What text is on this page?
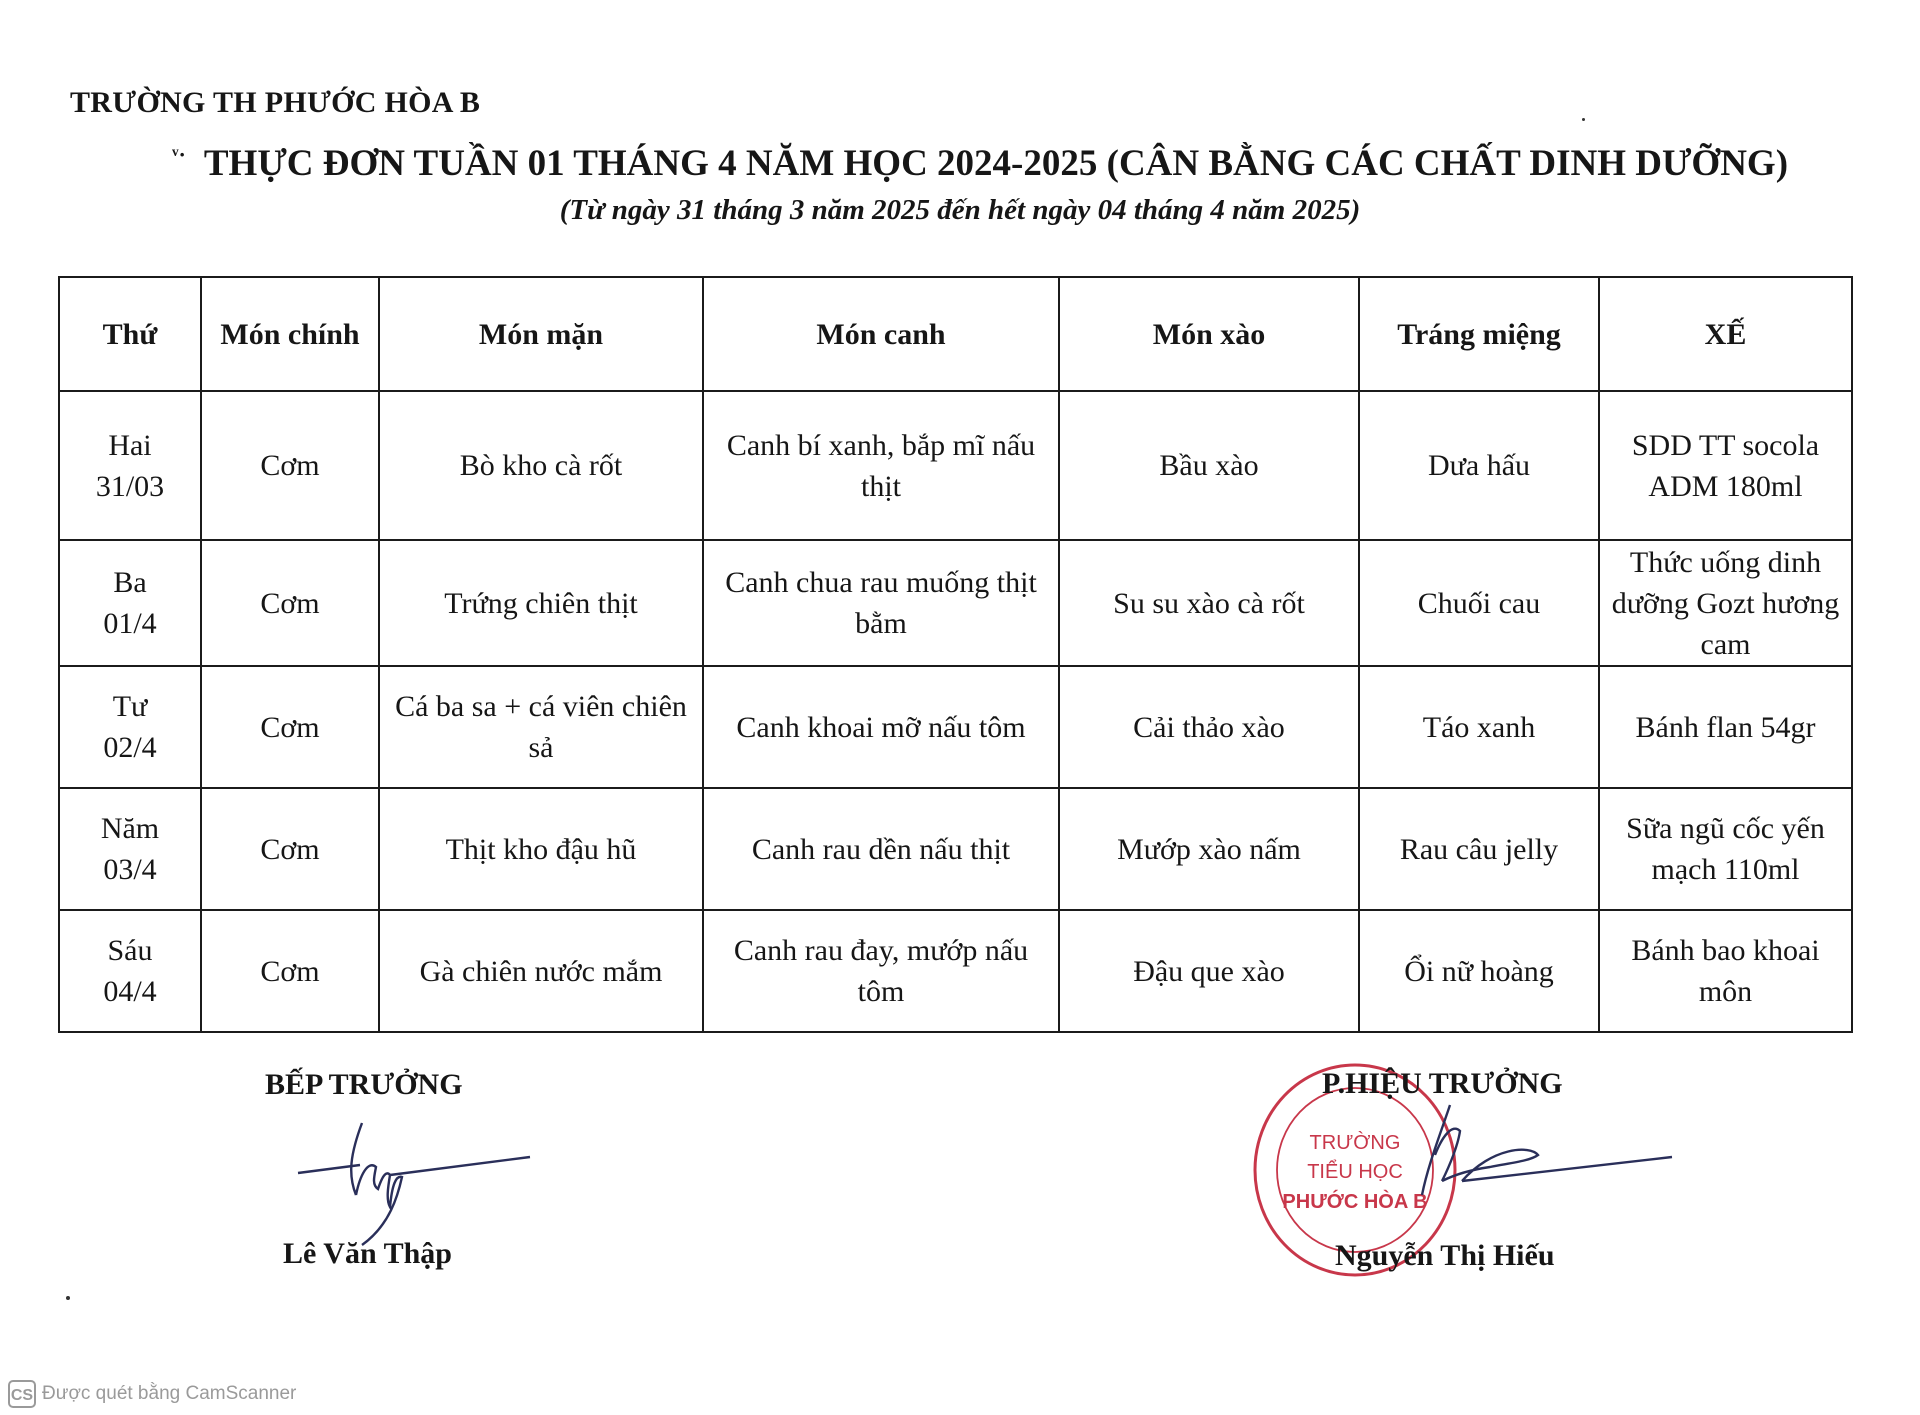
TRƯỜNG TH PHƯỚC HÒA B
$^{ᵛ\cdot}$ THỰC ĐƠN TUẦN 01 THÁNG 4 NĂM HỌC 2024-2025 (CÂN BẰNG CÁC CHẤT DINH DƯỠNG)
(Từ ngày 31 tháng 3 năm 2025 đến hết ngày 04 tháng 4 năm 2025)
Thứ	Món chính	Món mặn	Món canh	Món xào	Tráng miệng	XẾ

Hai
31/03	Cơm	Bò kho cà rốt	Canh bí xanh, bắp mĩ nấu thịt	Bầu xào	Dưa hấu	SDD TT socola ADM 180ml

Ba
01/4	Cơm	Trứng chiên thịt	Canh chua rau muống thịt bằm	Su su xào cà rốt	Chuối cau	Thức uống dinh dưỡng Gozt hương cam

Tư
02/4	Cơm	Cá ba sa + cá viên chiên sả	Canh khoai mỡ nấu tôm	Cải thảo xào	Táo xanh	Bánh flan 54gr

Năm
03/4	Cơm	Thịt kho đậu hũ	Canh rau dền nấu thịt	Mướp xào nấm	Rau câu jelly	Sữa ngũ cốc yến mạch 110ml

Sáu
04/4	Cơm	Gà chiên nước mắm	Canh rau đay, mướp nấu tôm	Đậu que xào	Ổi nữ hoàng	Bánh bao khoai môn
BẾP TRƯỞNG
Lê Văn Thập
TRƯỜNG
TIỂU HỌC
PHƯỚC HÒA B
P.HIỆU TRƯỞNG
Nguyễn Thị Hiếu
CS Được quét bằng CamScanner
